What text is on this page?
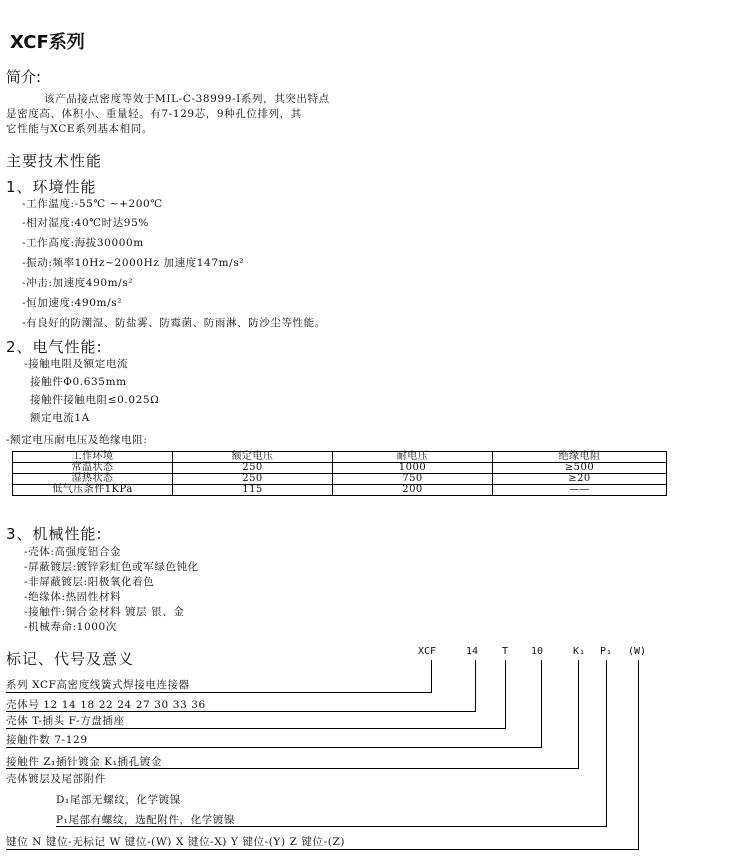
XCF系列
简介:
该产品接点密度等效于MIL-C-38999-I系列，其突出特点
是密度高、体积小、重量轻。有7-129芯，9种孔位排列，其
它性能与XCE系列基本相同。
主要技术性能
1、环境性能
-工作温度:-55℃ ~+200℃
-相对湿度:40℃时达95%
-工作高度:海拔30000m
-振动:频率10Hz~2000Hz 加速度147m/s²
-冲击:加速度490m/s²
-恒加速度:490m/s²
-有良好的防潮湿、防盐雾、防霉菌、防雨淋、防沙尘等性能。
2、电气性能:
-接触电阻及额定电流
接触件Φ0.635mm
接触件接触电阻≤0.025Ω
额定电流1A
-额定电压耐电压及绝缘电阻:
工作环境	额定电压	耐电压	绝缘电阻
常温状态	250	1000	≥500
湿热状态	250	750	≥20
低气压条件1KPa	115	200	——
3、机械性能:
-壳体:高强度铝合金
-屏蔽镀层:镀锌彩虹色或军绿色钝化
-非屏蔽镀层:阳极氧化着色
-绝缘体:热固性材料
-接触件:铜合金材料 镀层 银、金
-机械寿命:1000次
标记、代号及意义	XCF	14 T 10	K₁ P₁ (W)
系列 XCF高密度线簧式焊接电连接器
壳体号 12 14 18 22 24 27 30 33 36
壳体 T-插头 F-方盘插座
接触件数 7-129
接触件 Z₁插针镀金 K₁插孔镀金
壳体镀层及尾部附件
D₁尾部无螺纹，化学镀镍
P₁尾部有螺纹，选配附件，化学镀镍
键位 N 键位-无标记 W 键位-(W) X 键位-X) Y 键位-(Y) Z 键位-(Z)
